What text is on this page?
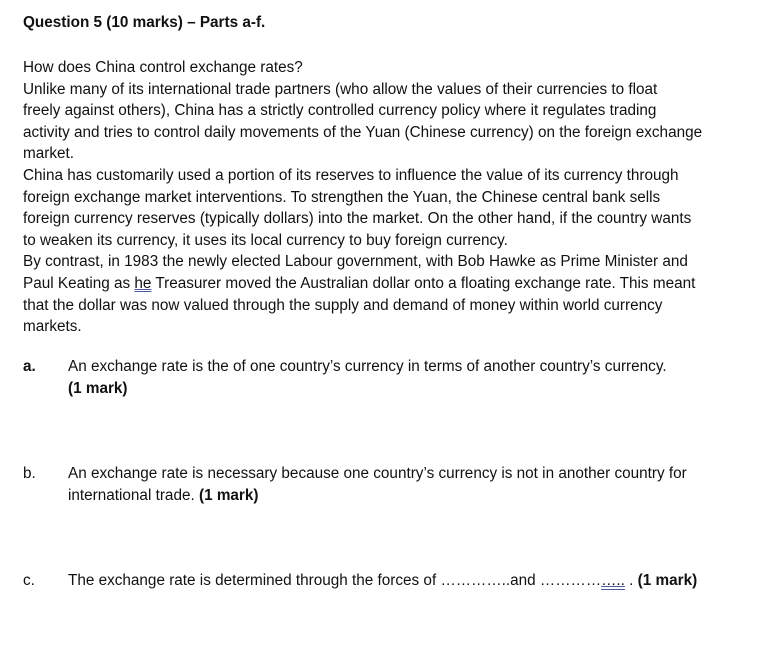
Question 5 (10 marks) – Parts a-f.
How does China control exchange rates?
Unlike many of its international trade partners (who allow the values of their currencies to float
freely against others), China has a strictly controlled currency policy where it regulates trading
activity and tries to control daily movements of the Yuan (Chinese currency) on the foreign exchange
market.
China has customarily used a portion of its reserves to influence the value of its currency through
foreign exchange market interventions. To strengthen the Yuan, the Chinese central bank sells
foreign currency reserves (typically dollars) into the market. On the other hand, if the country wants
to weaken its currency, it uses its local currency to buy foreign currency.
By contrast, in 1983 the newly elected Labour government, with Bob Hawke as Prime Minister and
Paul Keating as he Treasurer moved the Australian dollar onto a floating exchange rate. This meant
that the dollar was now valued through the supply and demand of money within world currency
markets.
a.	An exchange rate is the of one country’s currency in terms of another country’s currency.
(1 mark)
b.	An exchange rate is necessary because one country’s currency is not in another country for
international trade. (1 mark)
c.	The exchange rate is determined through the forces of …………..and …………….. . (1 mark)
